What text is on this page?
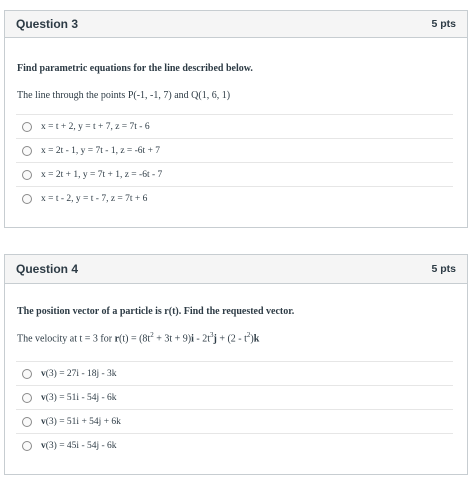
Question 3	5 pts
Find parametric equations for the line described below.
The line through the points P(-1, -1, 7) and Q(1, 6, 1)
x = t + 2, y = t + 7, z = 7t - 6
x = 2t - 1, y = 7t - 1, z = -6t + 7
x = 2t + 1, y = 7t + 1, z = -6t - 7
x = t - 2, y = t - 7, z = 7t + 6
Question 4	5 pts
The position vector of a particle is r(t). Find the requested vector.
The velocity at t = 3 for $r(t) = (8t^2 + 3t + 9)i - 2t^3j + (2 - t^2)k$
v(3) = 27i - 18j - 3k
v(3) = 51i - 54j - 6k
v(3) = 51i + 54j + 6k
v(3) = 45i - 54j - 6k
